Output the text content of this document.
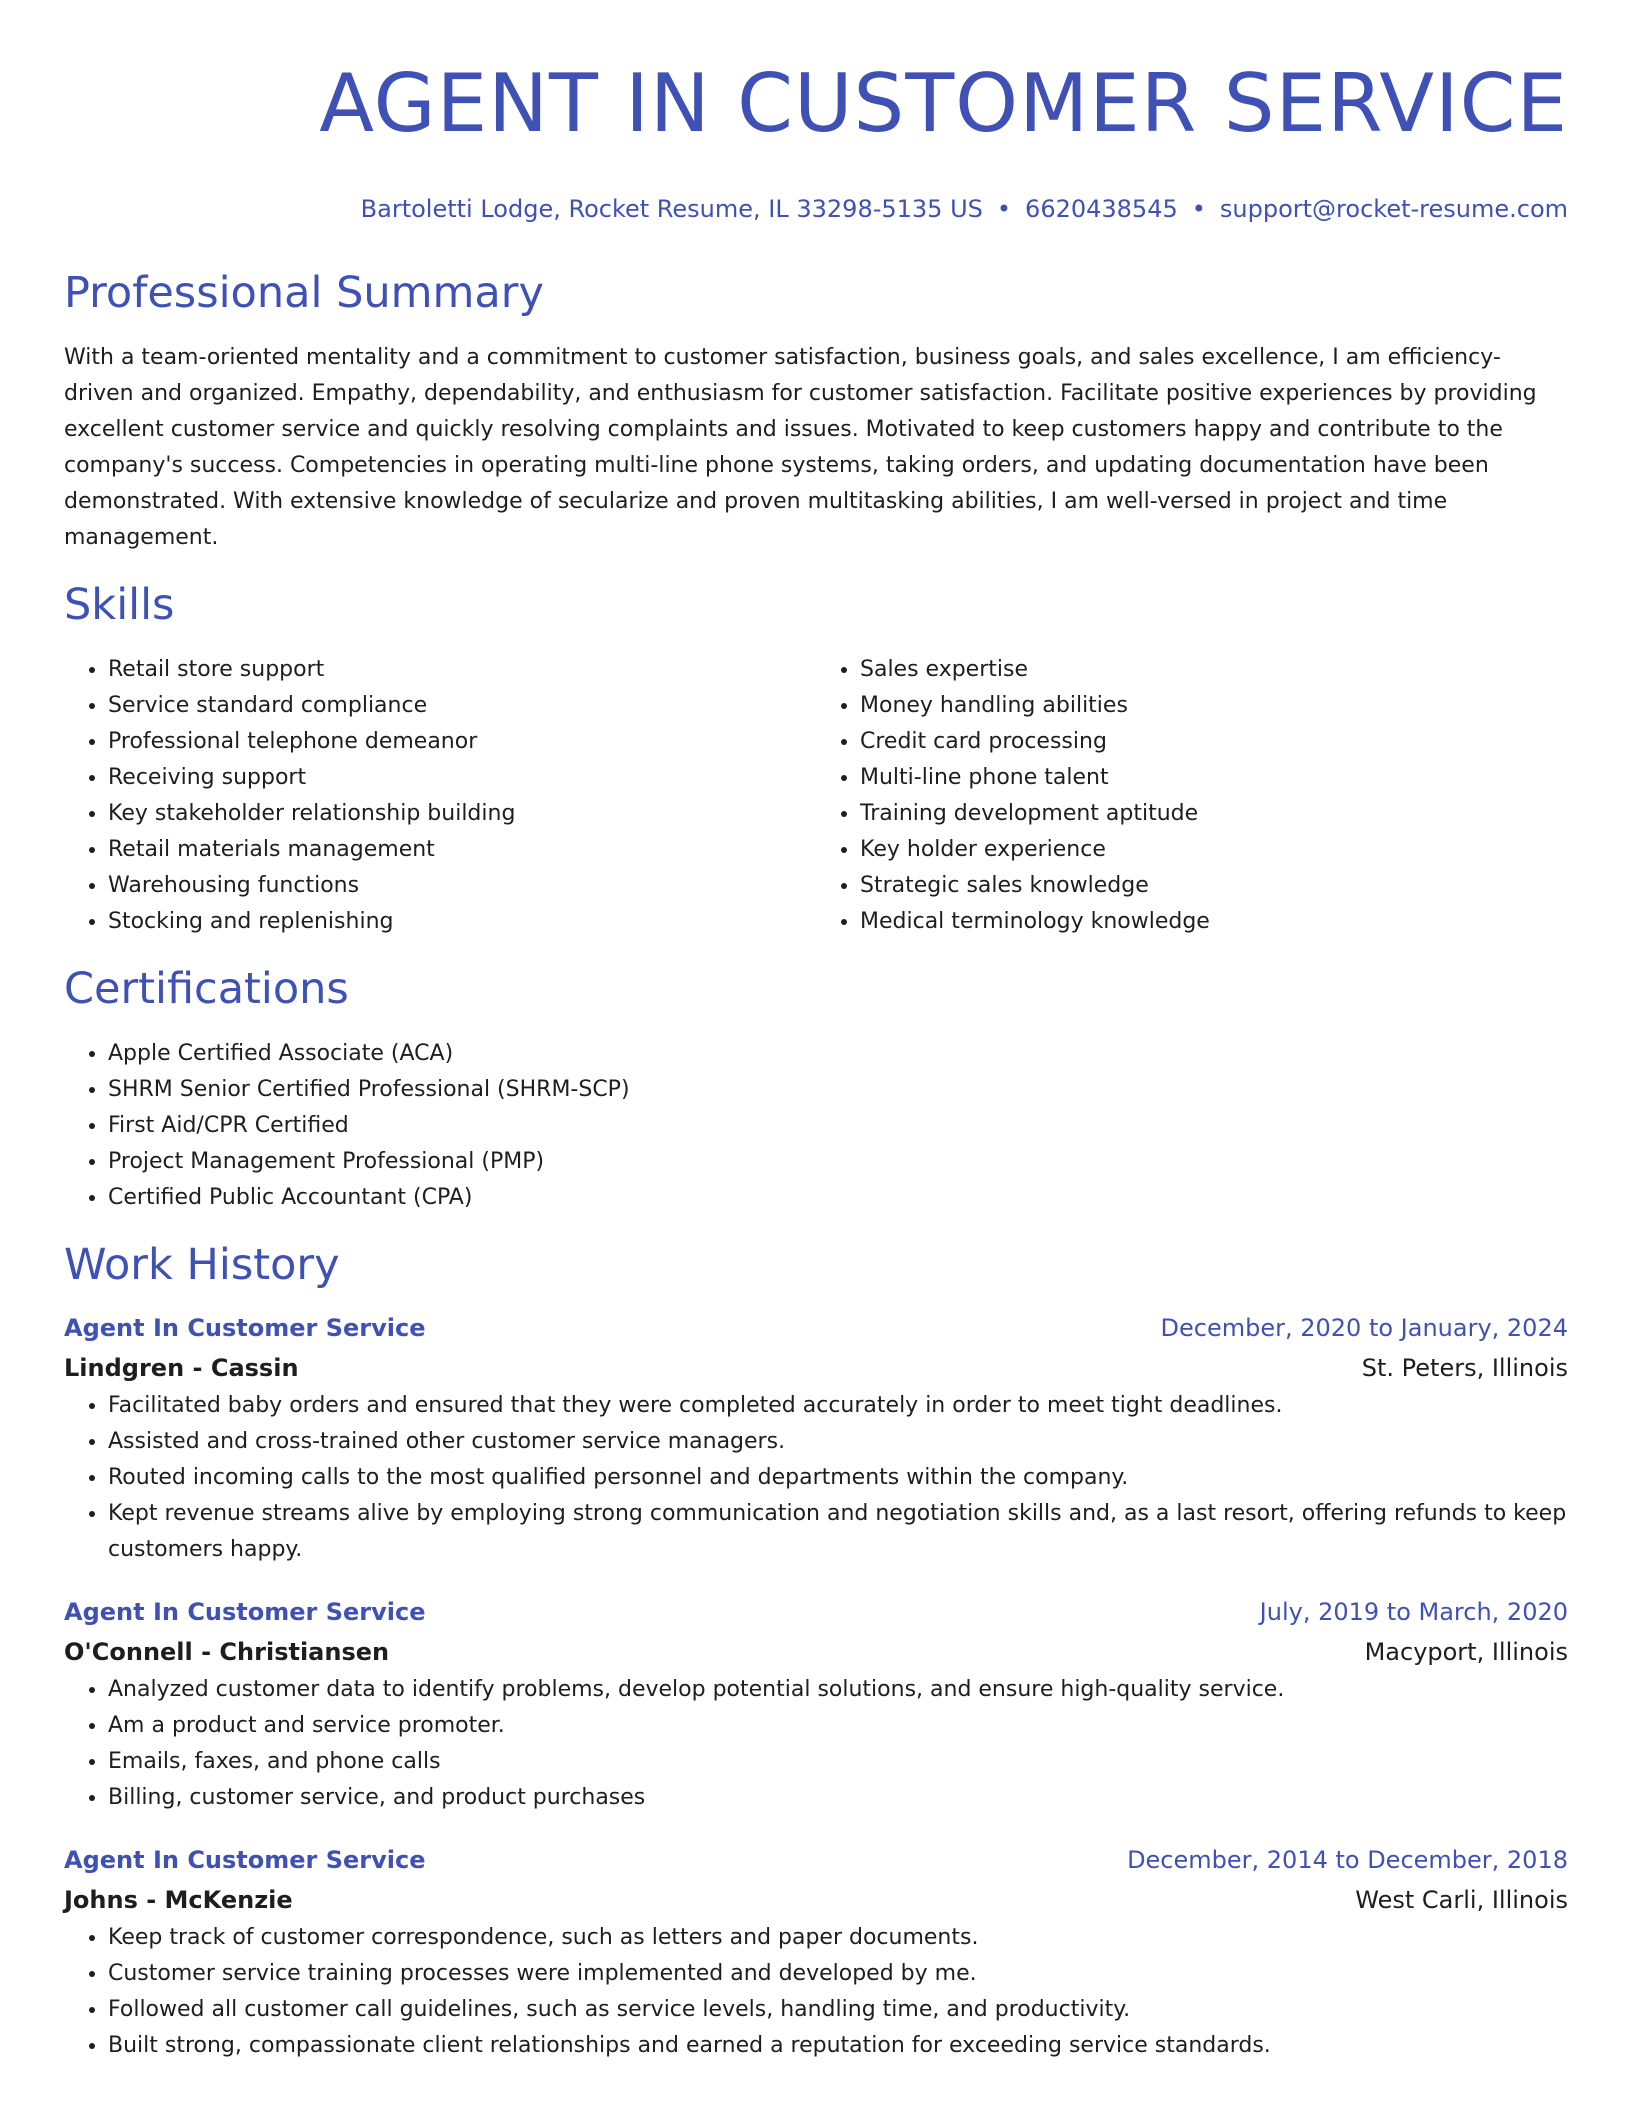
AGENT IN CUSTOMER SERVICE
Bartoletti Lodge, Rocket Resume, IL 33298-5135 US • 6620438545 • support@rocket-resume.com
Professional Summary

With a team-oriented mentality and a commitment to customer satisfaction, business goals, and sales excellence, I am efficiency-driven and organized. Empathy, dependability, and enthusiasm for customer satisfaction. Facilitate positive experiences by providing excellent customer service and quickly resolving complaints and issues. Motivated to keep customers happy and contribute to the company's success. Competencies in operating multi-line phone systems, taking orders, and updating documentation have been demonstrated. With extensive knowledge of secularize and proven multitasking abilities, I am well-versed in project and time management.

Skills
• Retail store support
• Service standard compliance
• Professional telephone demeanor
• Receiving support
• Key stakeholder relationship building
• Retail materials management
• Warehousing functions
• Stocking and replenishing
• Sales expertise
• Money handling abilities
• Credit card processing
• Multi-line phone talent
• Training development aptitude
• Key holder experience
• Strategic sales knowledge
• Medical terminology knowledge
Certifications
• Apple Certified Associate (ACA)
• SHRM Senior Certified Professional (SHRM-SCP)
• First Aid/CPR Certified
• Project Management Professional (PMP)
• Certified Public Accountant (CPA)
Work History
Agent In Customer Service	December, 2020 to January, 2024
Lindgren - Cassin	St. Peters, Illinois
• Facilitated baby orders and ensured that they were completed accurately in order to meet tight deadlines.
• Assisted and cross-trained other customer service managers.
• Routed incoming calls to the most qualified personnel and departments within the company.
• Kept revenue streams alive by employing strong communication and negotiation skills and, as a last resort, offering refunds to keep customers happy.
Agent In Customer Service	July, 2019 to March, 2020
O'Connell - Christiansen	Macyport, Illinois
• Analyzed customer data to identify problems, develop potential solutions, and ensure high-quality service.
• Am a product and service promoter.
• Emails, faxes, and phone calls
• Billing, customer service, and product purchases
Agent In Customer Service	December, 2014 to December, 2018
Johns - McKenzie	West Carli, Illinois
• Keep track of customer correspondence, such as letters and paper documents.
• Customer service training processes were implemented and developed by me.
• Followed all customer call guidelines, such as service levels, handling time, and productivity.
• Built strong, compassionate client relationships and earned a reputation for exceeding service standards.
